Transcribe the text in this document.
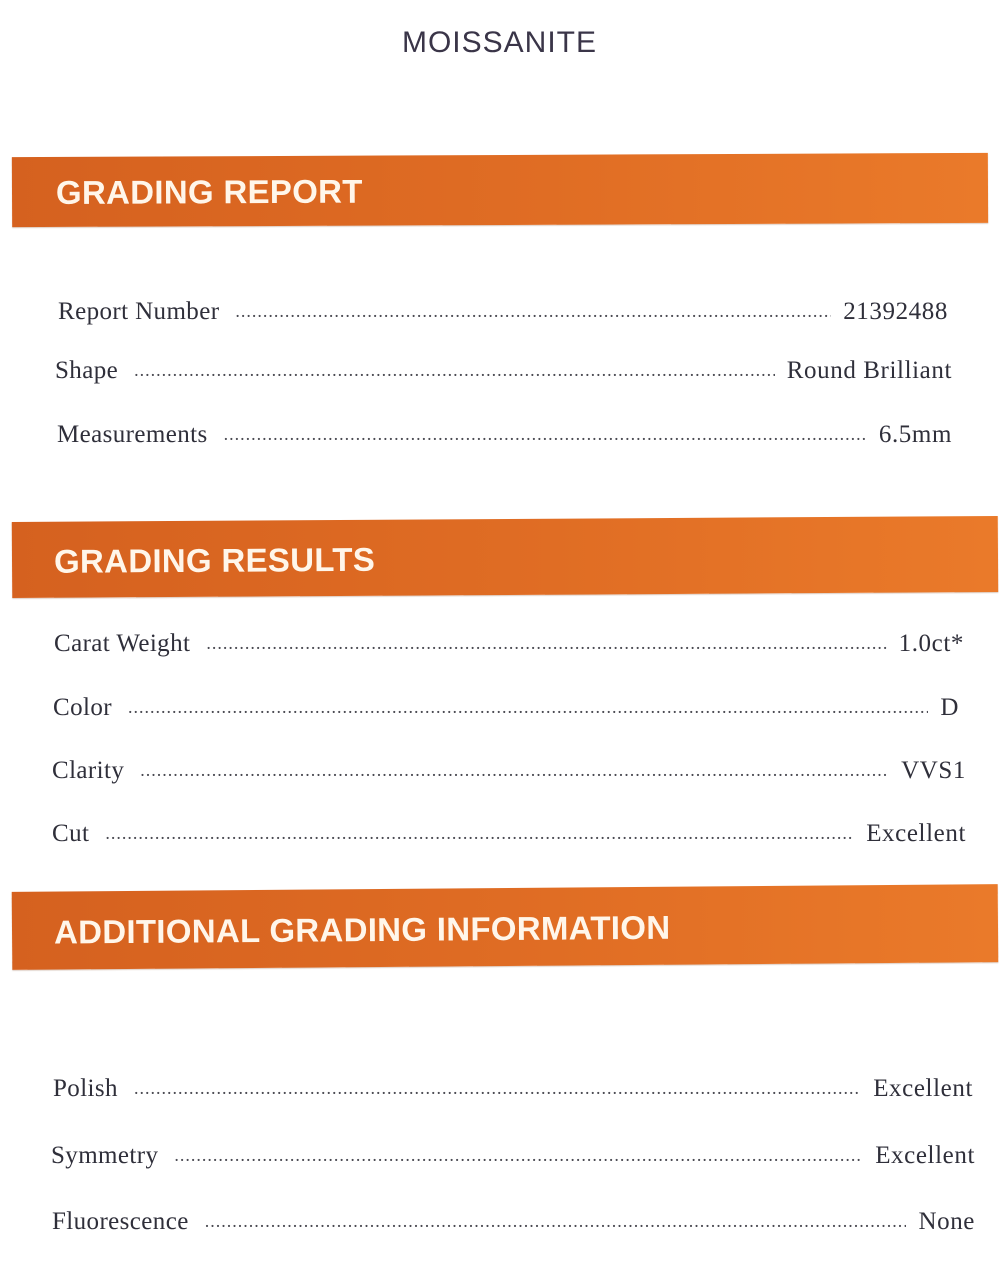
MOISSANITE
GRADING REPORT
Report Number .....	21392488
Shape .....	Round Brilliant
Measurements .....	6.5mm
GRADING RESULTS
Carat Weight .....	1.0ct*
Color .....	D
Clarity .....	VVS1
Cut .....	Excellent
ADDITIONAL GRADING INFORMATION
Polish .....	Excellent
Symmetry .....	Excellent
Fluorescence .....	None
